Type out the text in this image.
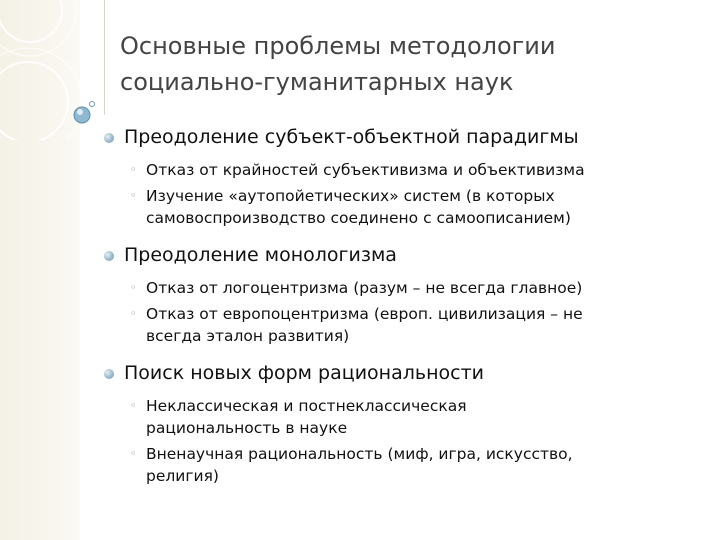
Основные проблемы методологии
социально-гуманитарных наук
Преодоление субъект-объектной парадигмы
◦ Отказ от крайностей субъективизма и объективизма
◦ Изучение «аутопойетических» систем (в которых
самовоспроизводство соединено с самоописанием)
Преодоление монологизма
◦ Отказ от логоцентризма (разум – не всегда главное)
◦ Отказ от европоцентризма (европ. цивилизация – не
всегда эталон развития)
Поиск новых форм рациональности
◦ Неклассическая и постнеклассическая
рациональность в науке
◦ Вненаучная рациональность (миф, игра, искусство,
религия)
